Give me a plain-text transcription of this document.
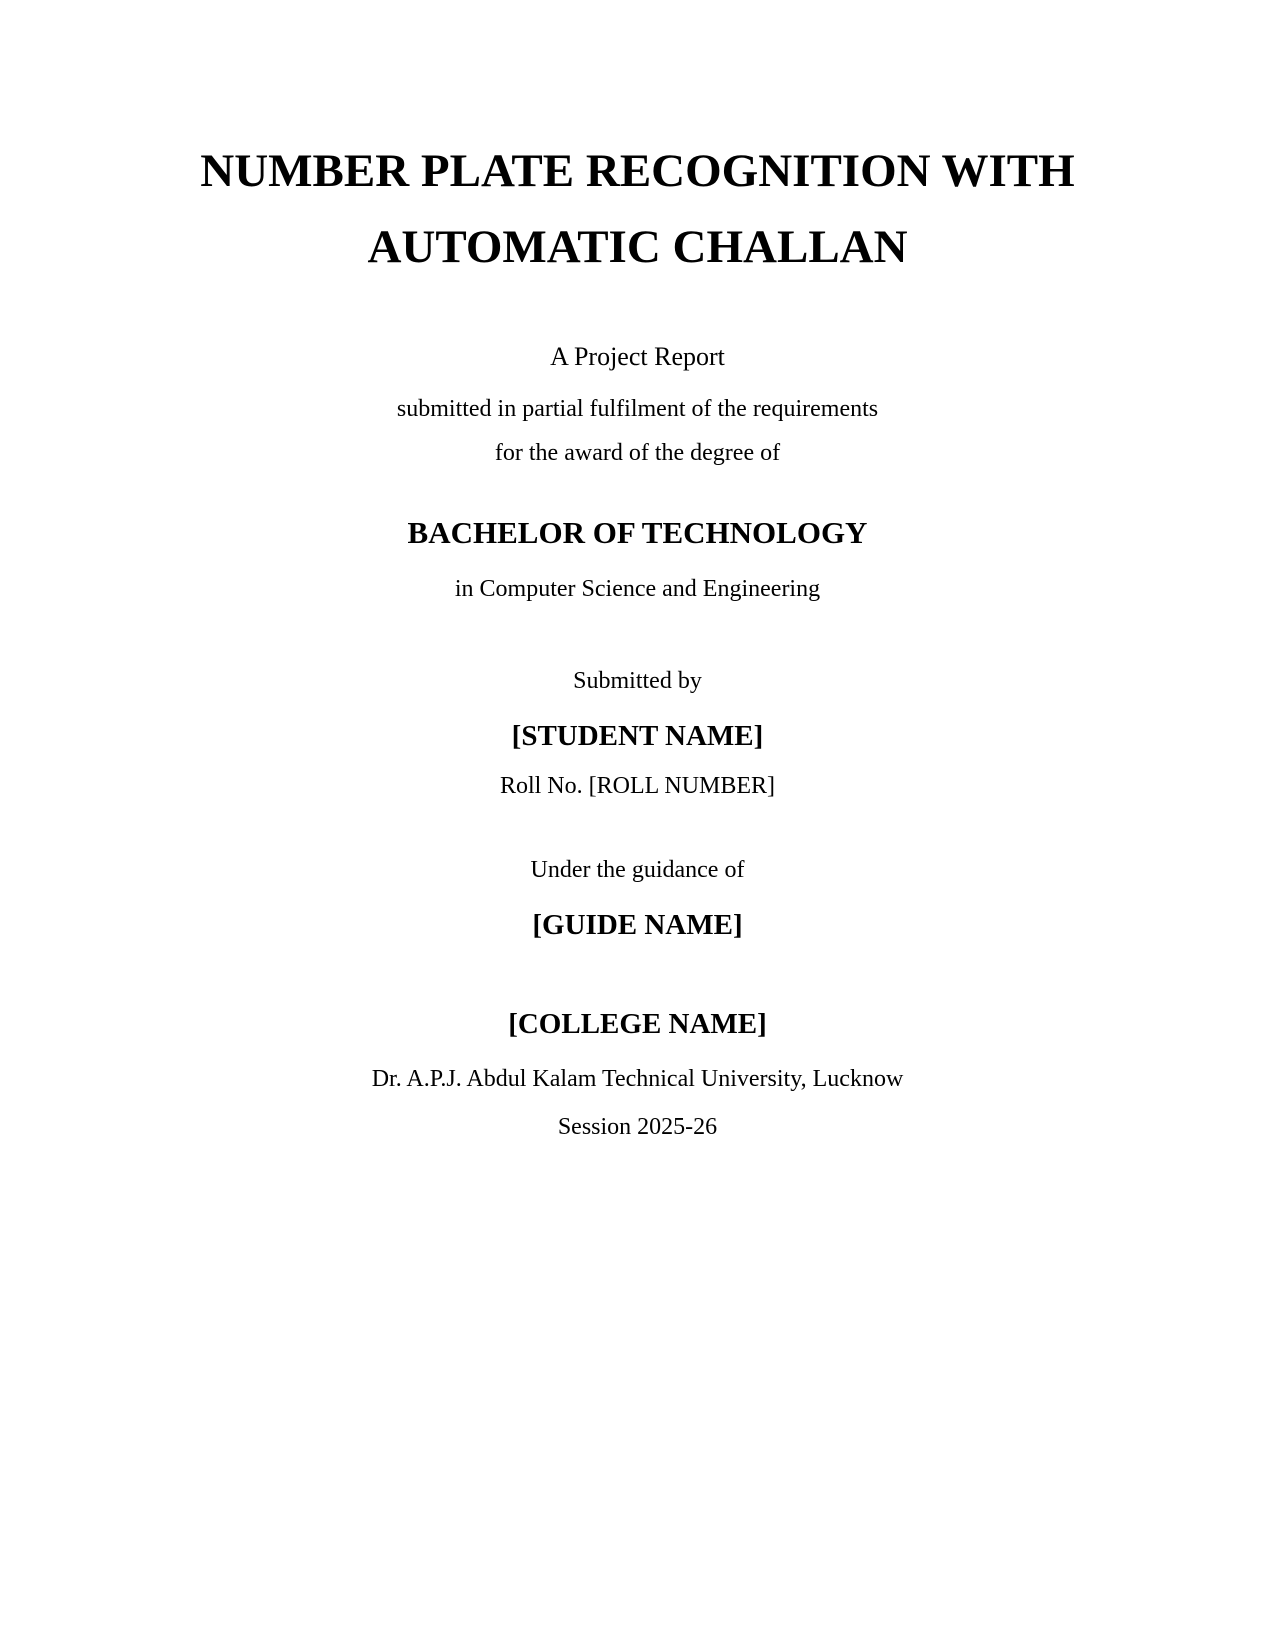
NUMBER PLATE RECOGNITION WITH
AUTOMATIC CHALLAN
A Project Report
submitted in partial fulfilment of the requirements
for the award of the degree of
BACHELOR OF TECHNOLOGY
in Computer Science and Engineering
Submitted by
[STUDENT NAME]
Roll No. [ROLL NUMBER]
Under the guidance of
[GUIDE NAME]
[COLLEGE NAME]
Dr. A.P.J. Abdul Kalam Technical University, Lucknow
Session 2025-26
